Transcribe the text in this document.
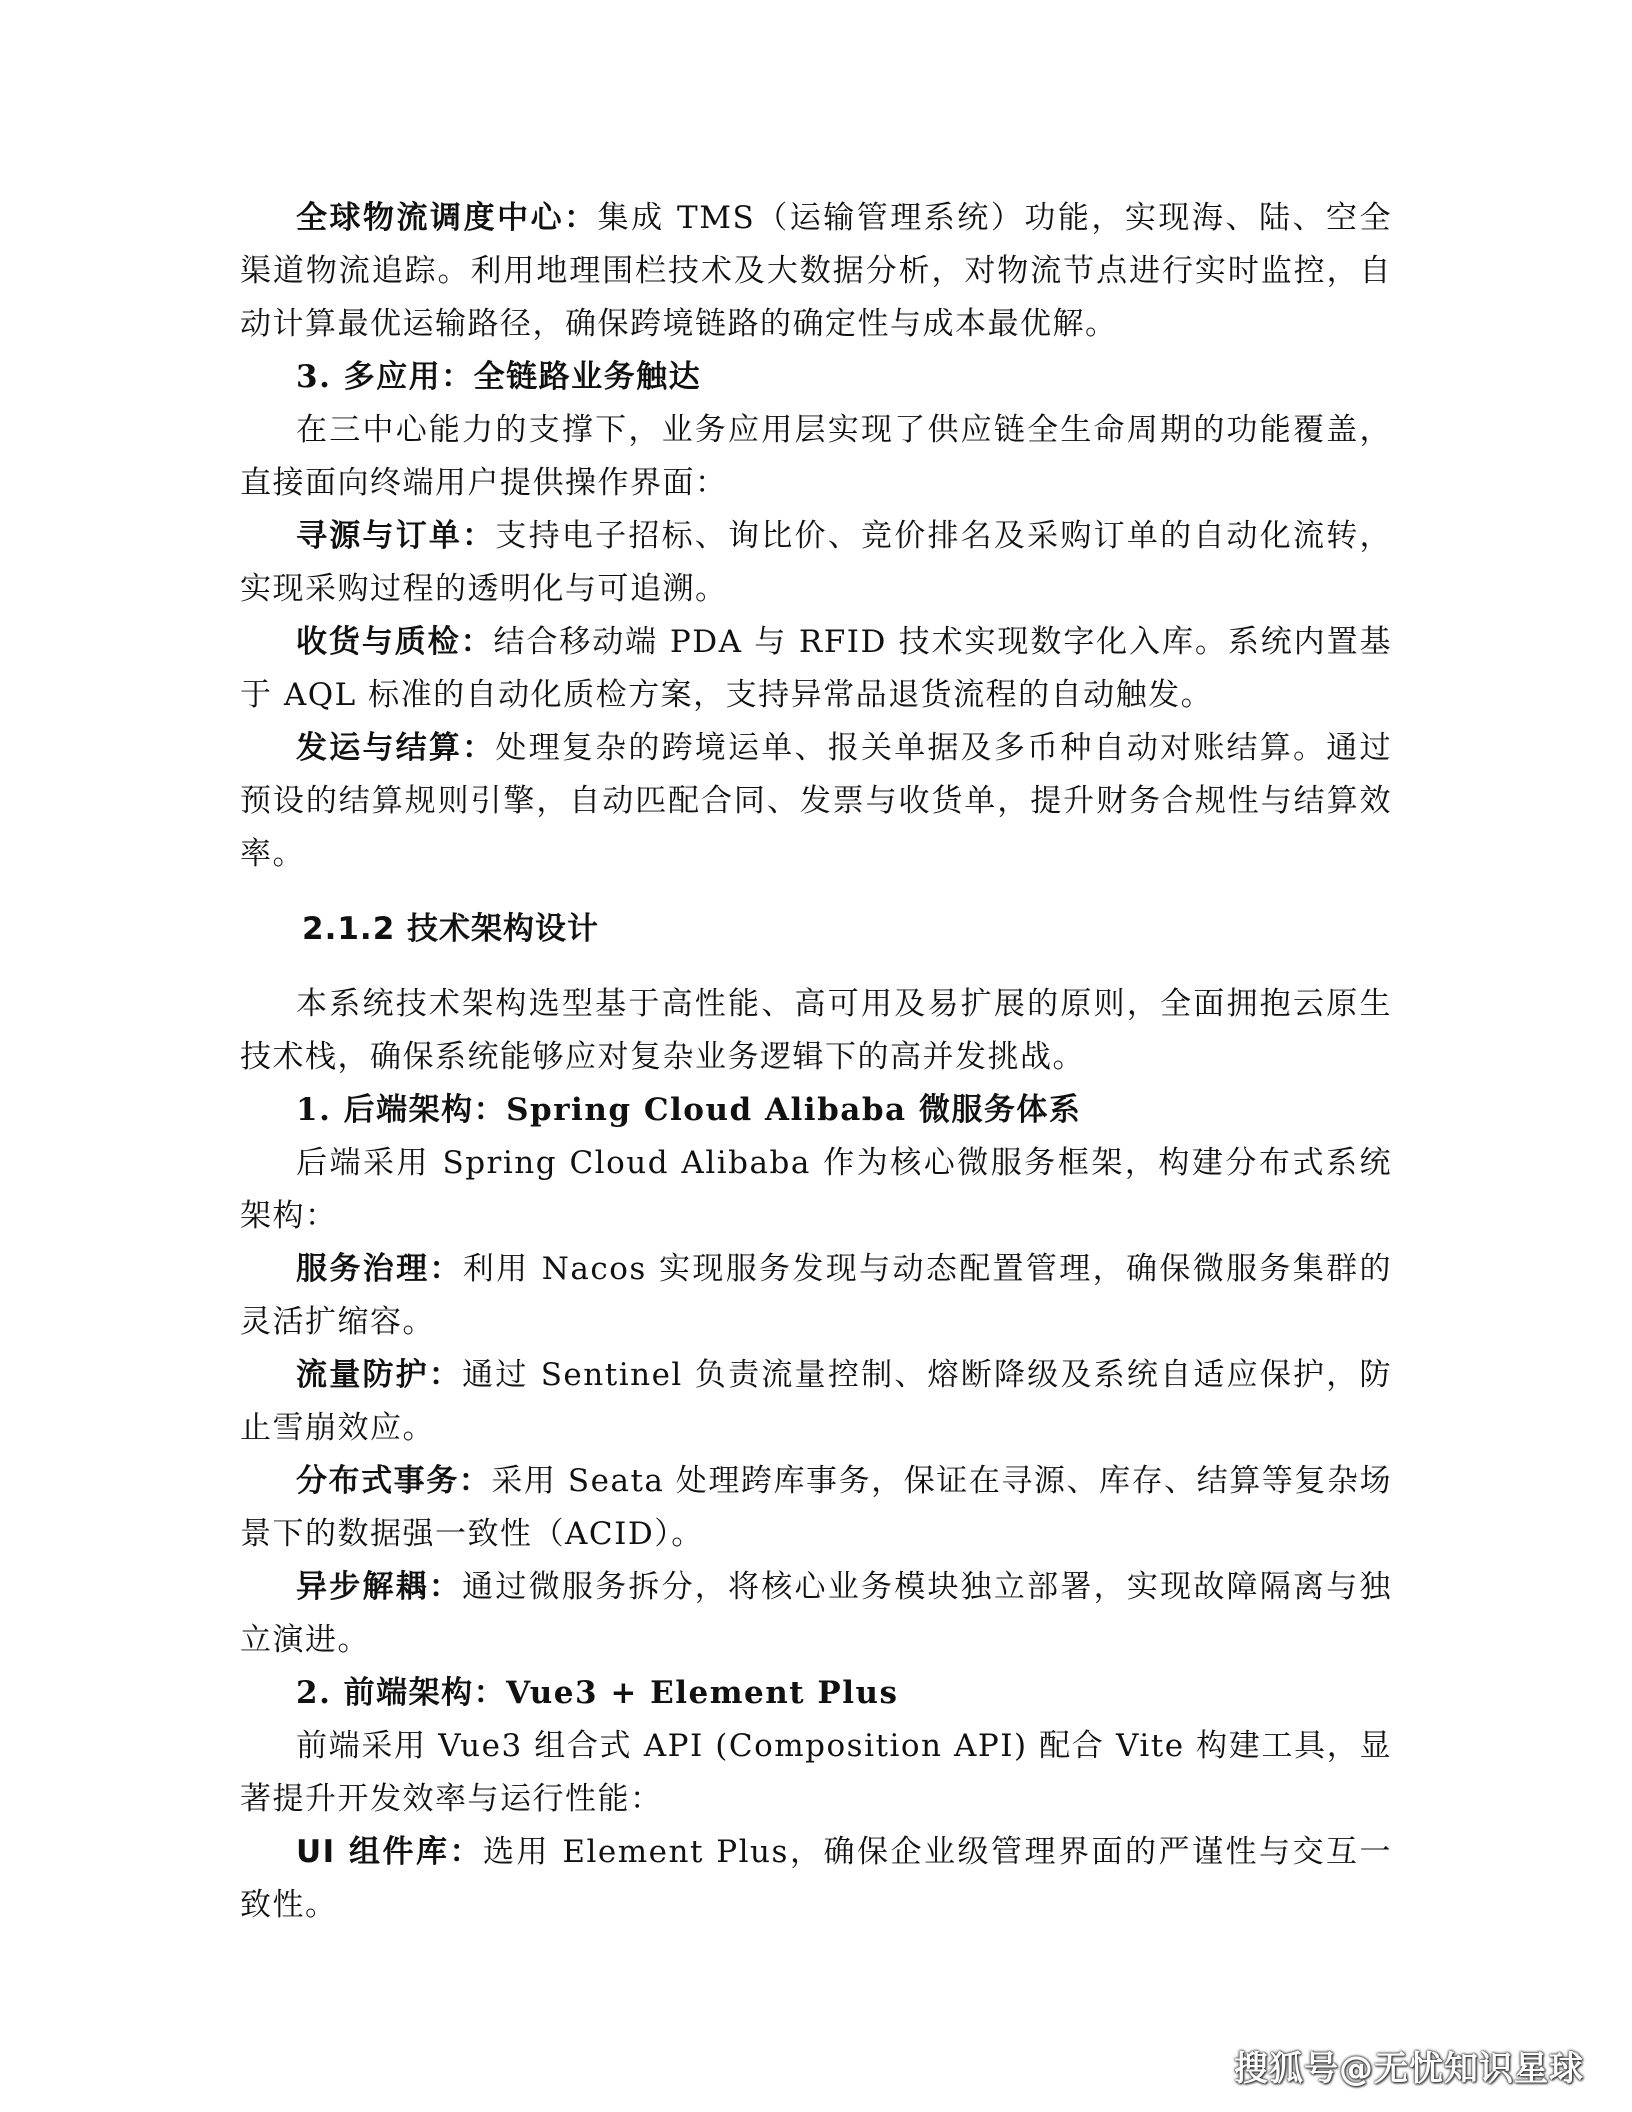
全球物流调度中心：集成 TMS（运输管理系统）功能，实现海、陆、空全渠道物流追踪。利用地理围栏技术及大数据分析，对物流节点进行实时监控，自动计算最优运输路径，确保跨境链路的确定性与成本最优解。

3. 多应用：全链路业务触达

在三中心能力的支撑下，业务应用层实现了供应链全生命周期的功能覆盖，直接面向终端用户提供操作界面：

寻源与订单：支持电子招标、询比价、竞价排名及采购订单的自动化流转，实现采购过程的透明化与可追溯。

收货与质检：结合移动端 PDA 与 RFID 技术实现数字化入库。系统内置基于 AQL 标准的自动化质检方案，支持异常品退货流程的自动触发。

发运与结算：处理复杂的跨境运单、报关单据及多币种自动对账结算。通过预设的结算规则引擎，自动匹配合同、发票与收货单，提升财务合规性与结算效率。

2.1.2 技术架构设计

本系统技术架构选型基于高性能、高可用及易扩展的原则，全面拥抱云原生技术栈，确保系统能够应对复杂业务逻辑下的高并发挑战。

1. 后端架构：Spring Cloud Alibaba 微服务体系

后端采用 Spring Cloud Alibaba 作为核心微服务框架，构建分布式系统架构：

服务治理：利用 Nacos 实现服务发现与动态配置管理，确保微服务集群的灵活扩缩容。

流量防护：通过 Sentinel 负责流量控制、熔断降级及系统自适应保护，防止雪崩效应。

分布式事务：采用 Seata 处理跨库事务，保证在寻源、库存、结算等复杂场景下的数据强一致性（ACID）。

异步解耦：通过微服务拆分，将核心业务模块独立部署，实现故障隔离与独立演进。

2. 前端架构：Vue3 + Element Plus

前端采用 Vue3 组合式 API (Composition API) 配合 Vite 构建工具，显著提升开发效率与运行性能：

UI 组件库：选用 Element Plus，确保企业级管理界面的严谨性与交互一致性。

搜狐号@无忧知识星球
